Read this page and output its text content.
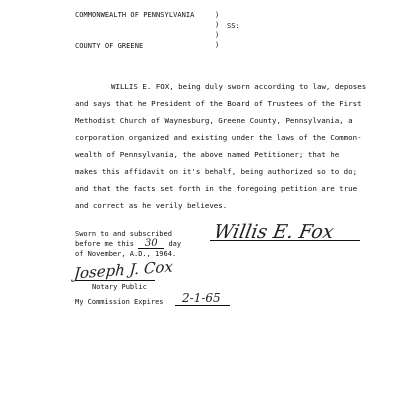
COMMONWEALTH OF PENNSYLVANIA	)
) SS:
)
)
COUNTY OF GREENE
WILLIS E. FOX, being duly sworn according to law, deposes
and says that he President of the Board of Trustees of the First
Methodist Church of Waynesburg, Greene County, Pennsylvania, a
corporation organized and existing under the laws of the Common-
wealth of Pennsylvania, the above named Petitioner; that he
makes this affidavit on it's behalf, being authorized so to do;
and that the facts set forth in the foregoing petition are true
and correct as he verily believes.
Sworn to and subscribed
before me this 30 day
of November, A.D., 1964.
Willis E. Fox
Joseph J. Cox
Notary Public
My Commission Expires 2-1-65
